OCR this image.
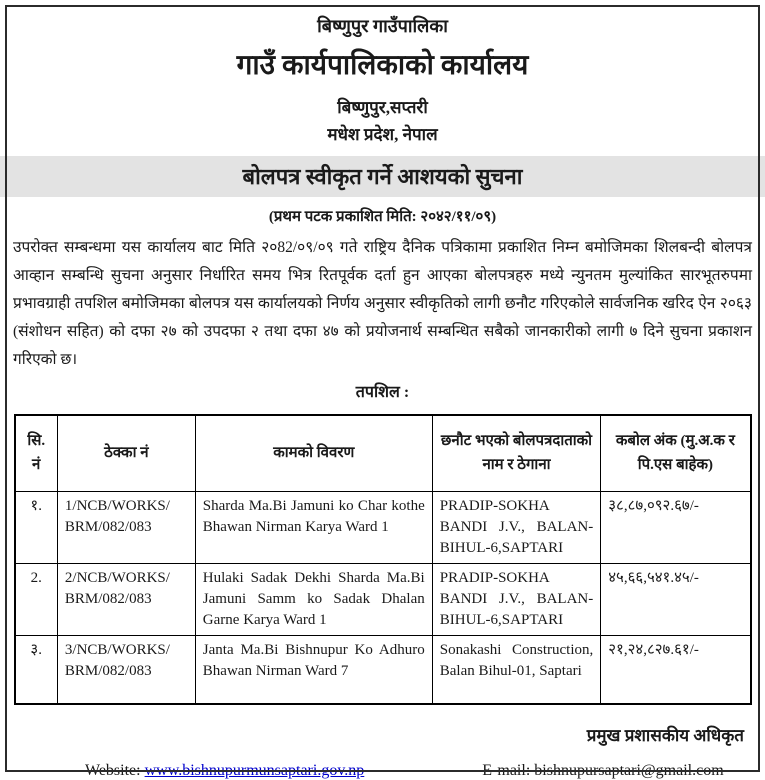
बिष्णुपुर गाउँपालिका
गाउँ कार्यपालिकाको कार्यालय
बिष्णुपुर,सप्तरी
मधेश प्रदेश, नेपाल
बोलपत्र स्वीकृत गर्ने आशयको सुचना
(प्रथम पटक प्रकाशित मिति: २०४२/११/०९)
उपरोक्त सम्बन्धमा यस कार्यालय बाट मिति २०82/०९/०९ गते राष्ट्रिय दैनिक पत्रिकामा प्रकाशित निम्न बमोजिमका शिलबन्दी बोलपत्र आव्हान सम्बन्धि सुचना अनुसार निर्धारित समय भित्र रितपूर्वक दर्ता हुन आएका बोलपत्रहरु मध्ये न्युनतम मुल्यांकित सारभूतरुपमा प्रभावग्राही तपशिल बमोजिमका बोलपत्र यस कार्यालयको निर्णय अनुसार स्वीकृतिको लागी छनौट गरिएकोले सार्वजनिक खरिद ऐन २०६३ (संशोधन सहित) को दफा २७ को उपदफा २ तथा दफा ४७ को प्रयोजनार्थ सम्बन्धित सबैको जानकारीको लागी ७ दिने सुचना प्रकाशन गरिएको छ।
तपशिल :
सि. नं	ठेक्का नं	कामको विवरण	छनौट भएको बोलपत्रदाताको नाम र ठेगाना	कबोल अंक (मु.अ.क र पि.एस बाहेक)
१.	1/NCB/WORKS/ BRM/082/083	Sharda Ma.Bi Jamuni ko Char kothe Bhawan Nirman Karya Ward 1	PRADIP-SOKHA BANDI J.V., BALAN-BIHUL-6,SAPTARI	३८,८७,०९२.६७/-
2.	2/NCB/WORKS/ BRM/082/083	Hulaki Sadak Dekhi Sharda Ma.Bi Jamuni Samm ko Sadak Dhalan Garne Karya Ward 1	PRADIP-SOKHA BANDI J.V., BALAN-BIHUL-6,SAPTARI	४५,६६,५४१.४५/-
३.	3/NCB/WORKS/ BRM/082/083	Janta Ma.Bi Bishnupur Ko Adhuro Bhawan Nirman Ward 7	Sonakashi Construction, Balan Bihul-01, Saptari	२१,२४,८२७.६१/-
प्रमुख प्रशासकीय अधिकृत
Website: www.bishnupurmunsaptari.gov.np	E-mail: bishnupursaptari@gmail.com
